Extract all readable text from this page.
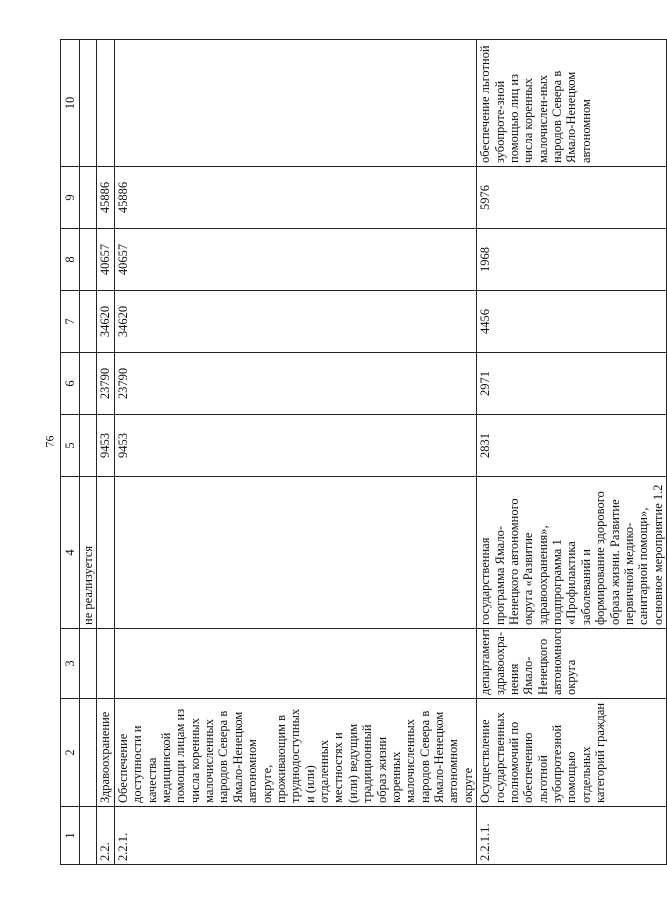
76
1	2	3	4	5	6	7	8	9	10
			не реализуется						
2.2.	Здравоохранение			9453	23790	34620	40657	45886	
2.2.1.	Обеспечение доступности и качества медицинской помощи лицам из числа коренных малочисленных народов Севера в Ямало-Ненецком автономном округе, проживающим в труднодоступных и (или) отдаленных местностях и (или) ведущим традиционный образ жизни коренных малочисленных народов Севера в Ямало-Ненецком автономном округе			9453	23790	34620	40657	45886	
2.2.1.1.	Осуществление государственных полномочий по обеспечению льготной зубопротезной помощью отдельных категорий граждан	департамент здравоохра-нения Ямало-Ненецкого автономного округа	государственная программа Ямало-Ненецкого автономного округа «Развитие здравоохранения», подпрограмма 1 «Профилактика заболеваний и формирование здорового образа жизни. Развитие первичной медико-санитарной помощи», основное мероприятие 1.2	2831	2971	4456	1968	5976	обеспечение льготной зубопроте-зной помощью лиц из числа коренных малочислен-ных народов Севера в Ямало-Ненецком автономном
